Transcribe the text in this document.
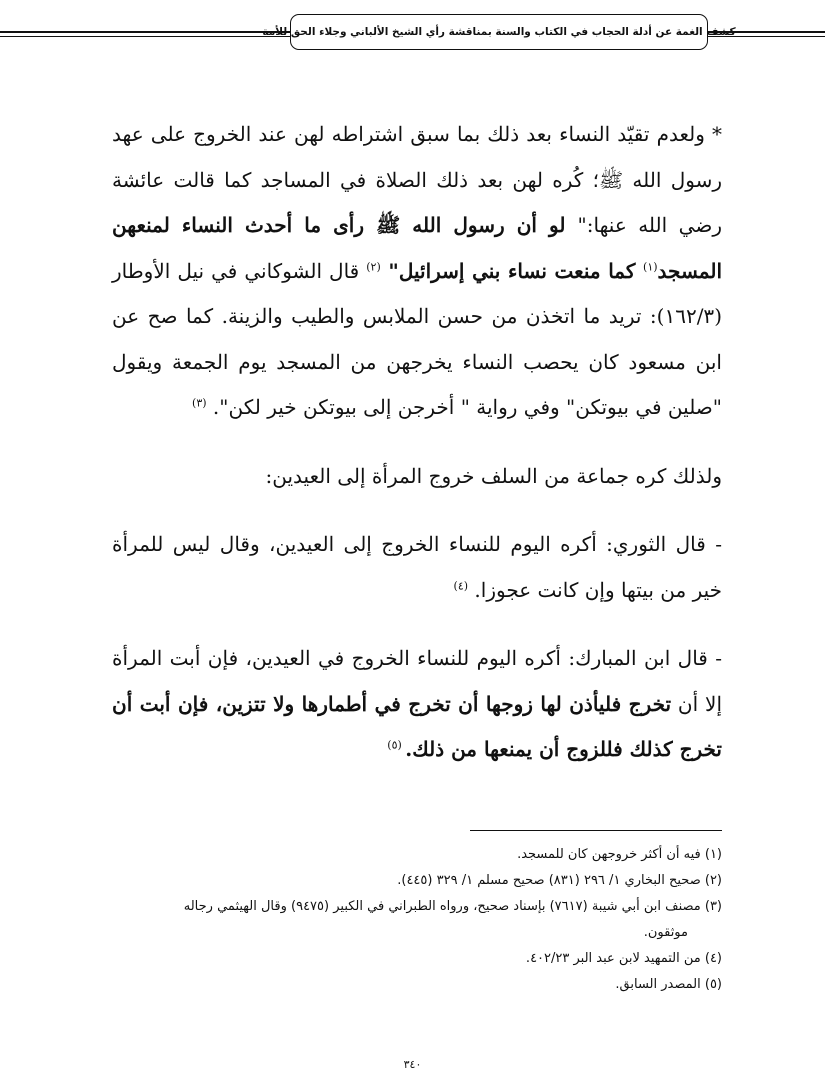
كشف الغمة عن أدلة الحجاب في الكتاب والسنة بمناقشة رأي الشيخ الألباني وجلاء الحق للأمة

* ولعدم تقيّد النساء بعد ذلك بما سبق اشتراطه لهن عند الخروج على عهد رسول الله ﷺ؛ كُره لهن بعد ذلك الصلاة في المساجد كما قالت عائشة رضي الله عنها:" لو أن رسول الله ﷺ رأى ما أحدث النساء لمنعهن المسجد$^{(١)}$ كما منعت نساء بني إسرائيل" $^{(٢)}$ قال الشوكاني في نيل الأوطار (١٦٢/٣): تريد ما اتخذن من حسن الملابس والطيب والزينة. كما صح عن ابن مسعود كان يحصب النساء يخرجهن من المسجد يوم الجمعة ويقول "صلين في بيوتكن" وفي رواية " أخرجن إلى بيوتكن خير لكن". $^{(٣)}$

ولذلك كره جماعة من السلف خروج المرأة إلى العيدين:

- قال الثوري: أكره اليوم للنساء الخروج إلى العيدين، وقال ليس للمرأة خير من بيتها وإن كانت عجوزا. $^{(٤)}$

- قال ابن المبارك: أكره اليوم للنساء الخروج في العيدين، فإن أبت المرأة إلا أن تخرج فليأذن لها زوجها أن تخرج في أطمارها ولا تتزين، فإن أبت أن تخرج كذلك فللزوج أن يمنعها من ذلك. $^{(٥)}$

(١) فيه أن أكثر خروجهن كان للمسجد.

(٢) صحيح البخاري ١/ ٢٩٦ (٨٣١) صحيح مسلم ١/ ٣٢٩ (٤٤٥).

(٣) مصنف ابن أبي شيبة (٧٦١٧) بإسناد صحيح، ورواه الطبراني في الكبير (٩٤٧٥) وقال الهيثمي رجاله

موثقون.

(٤) من التمهيد لابن عبد البر ٤٠٢/٢٣.

(٥) المصدر السابق.

٣٤٠
